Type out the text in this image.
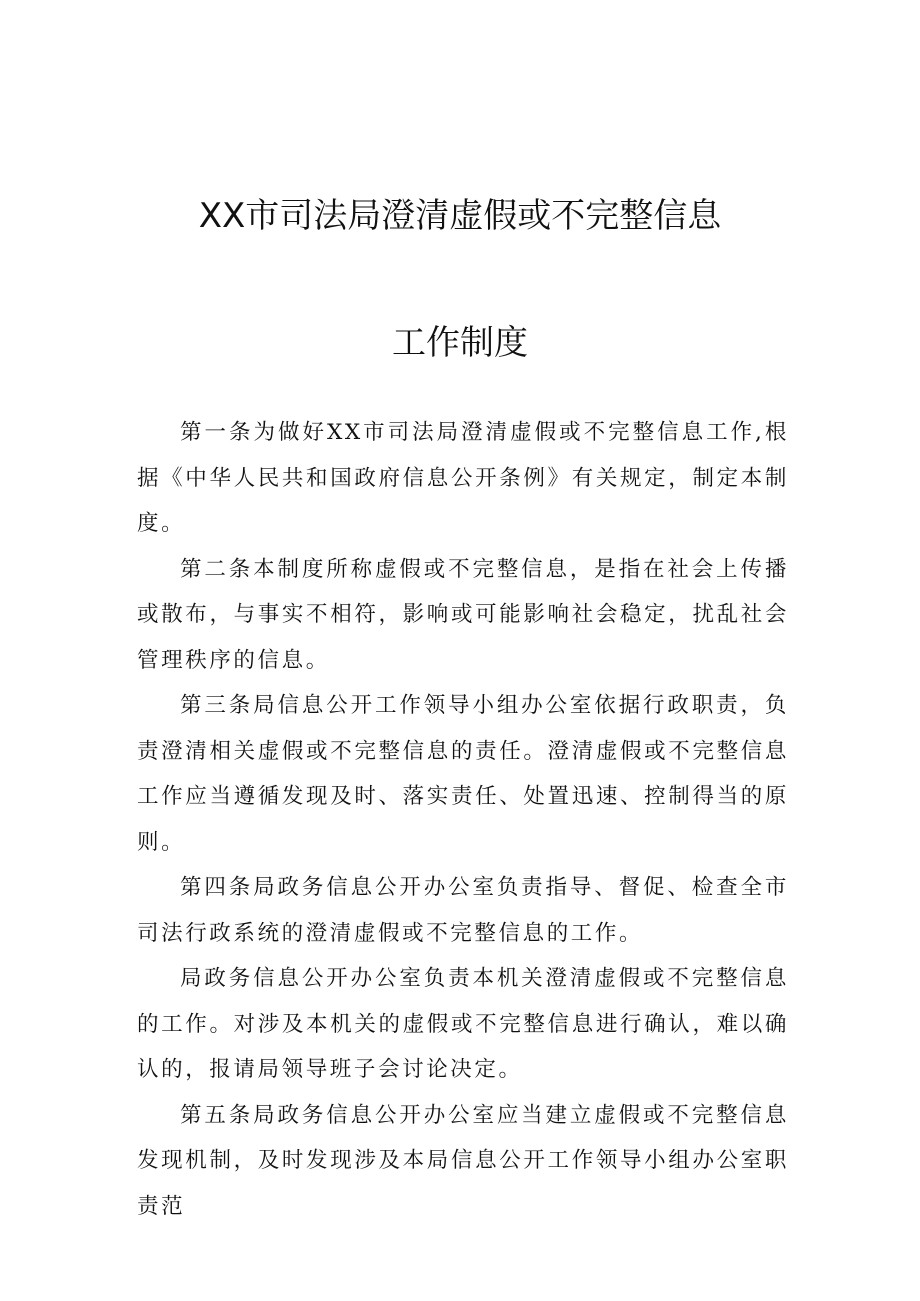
XX市司法局澄清虚假或不完整信息
工作制度

第一条为做好XX市司法局澄清虚假或不完整信息工作,根据《中华人民共和国政府信息公开条例》有关规定，制定本制度。

第二条本制度所称虚假或不完整信息，是指在社会上传播或散布，与事实不相符，影响或可能影响社会稳定，扰乱社会管理秩序的信息。

第三条局信息公开工作领导小组办公室依据行政职责，负责澄清相关虚假或不完整信息的责任。澄清虚假或不完整信息工作应当遵循发现及时、落实责任、处置迅速、控制得当的原则。

第四条局政务信息公开办公室负责指导、督促、检查全市司法行政系统的澄清虚假或不完整信息的工作。

局政务信息公开办公室负责本机关澄清虚假或不完整信息的工作。对涉及本机关的虚假或不完整信息进行确认，难以确认的，报请局领导班子会讨论决定。

第五条局政务信息公开办公室应当建立虚假或不完整信息发现机制，及时发现涉及本局信息公开工作领导小组办公室职责范
